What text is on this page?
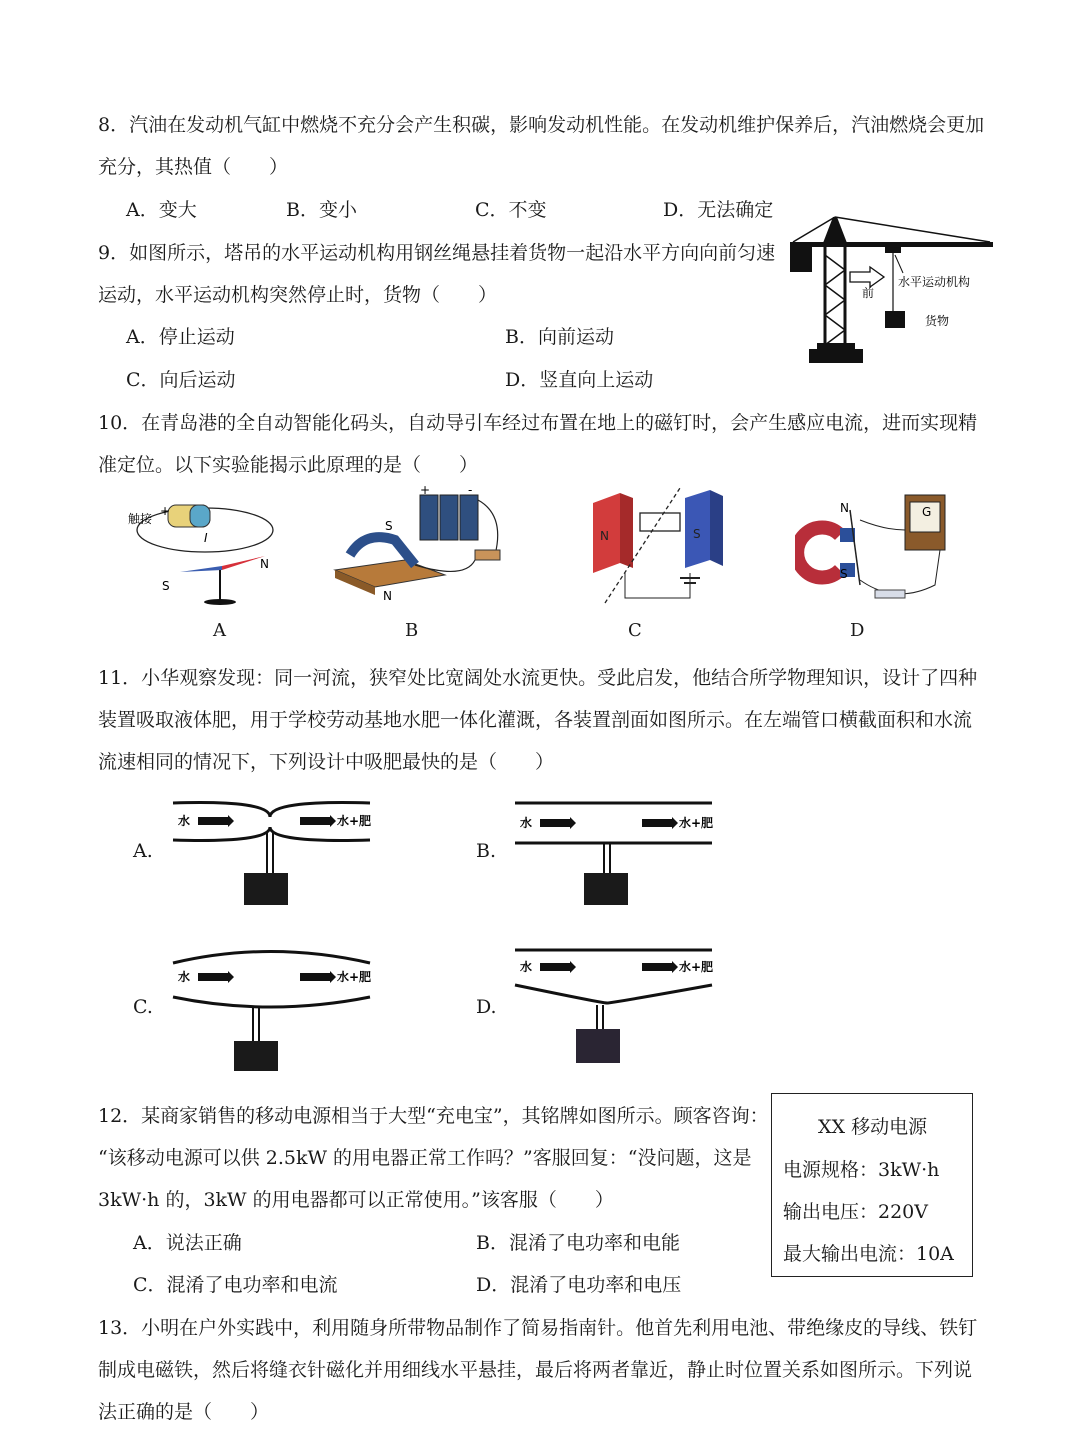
8．汽油在发动机气缸中燃烧不充分会产生积碳，影响发动机性能。在发动机维护保养后，汽油燃烧会更加
充分，其热值（　　）
A．变大	B．变小	C．不变	D．无法确定
9．如图所示，塔吊的水平运动机构用钢丝绳悬挂着货物一起沿水平方向向前匀速
运动，水平运动机构突然停止时，货物（　　）
A．停止运动	B．向前运动
C．向后运动	D．竖直向上运动
前
水平运动机构
货物
10．在青岛港的全自动智能化码头，自动导引车经过布置在地上的磁钉时，会产生感应电流，进而实现精
准定位。以下实验能揭示此原理的是（　　）
触接
+
I
N
S
A
S
N
+	-
B
N	S
C
N
S
G
D
11．小华观察发现：同一河流，狭窄处比宽阔处水流更快。受此启发，他结合所学物理知识，设计了四种
装置吸取液体肥，用于学校劳动基地水肥一体化灌溉，各装置剖面如图所示。在左端管口横截面积和水流
流速相同的情况下，下列设计中吸肥最快的是（　　）
A.	B.
C.	D.
水	水+肥	水	水+肥
水	水+肥
水	水+肥
12．某商家销售的移动电源相当于大型“充电宝”，其铭牌如图所示。顾客咨询：
“该移动电源可以供 2.5kW 的用电器正常工作吗？”客服回复：“没问题，这是
3kW·h 的，3kW 的用电器都可以正常使用。”该客服（　　）
A．说法正确	B．混淆了电功率和电能
C．混淆了电功率和电流	D．混淆了电功率和电压
XX 移动电源
电源规格：3kW·h
输出电压：220V
最大输出电流：10A
13．小明在户外实践中，利用随身所带物品制作了简易指南针。他首先利用电池、带绝缘皮的导线、铁钉
制成电磁铁，然后将缝衣针磁化并用细线水平悬挂，最后将两者靠近，静止时位置关系如图所示。下列说
法正确的是（　　）
